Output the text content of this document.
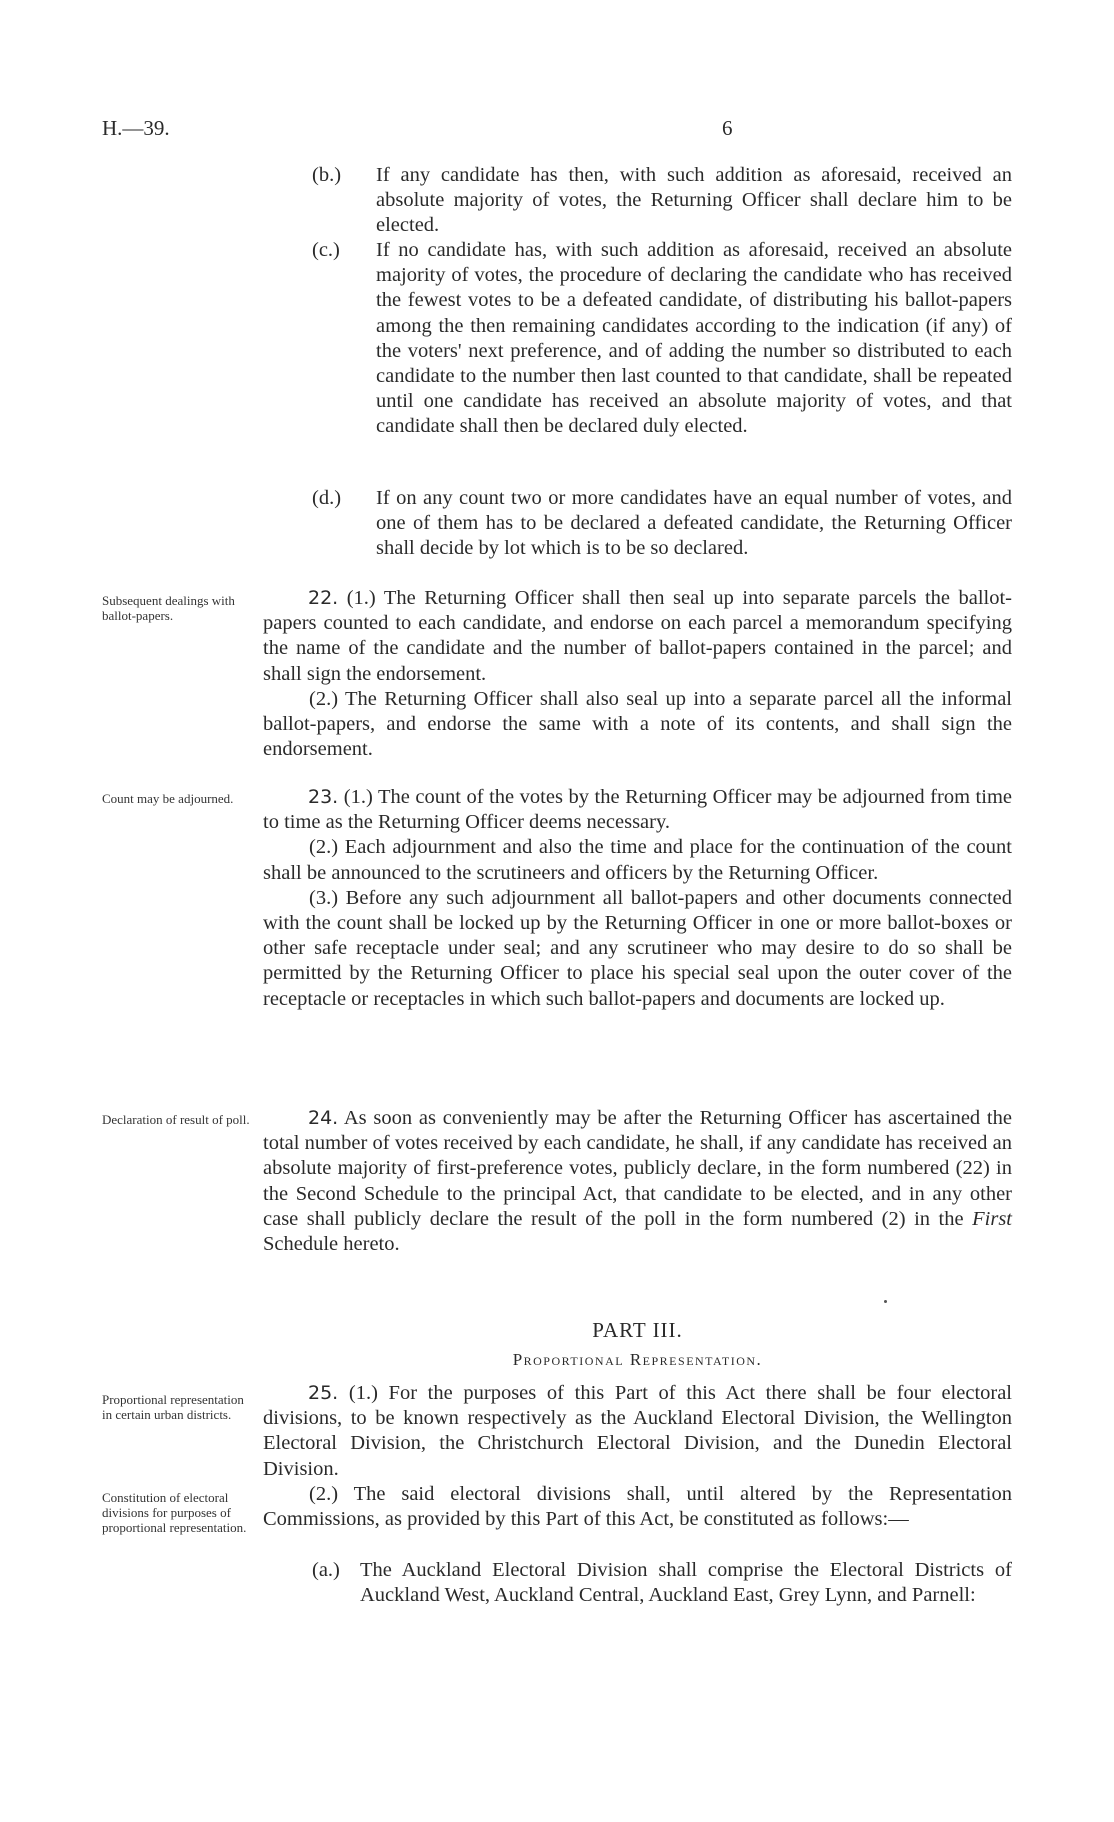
H.—39.	6
(b.) If any candidate has then, with such addition as aforesaid, received an absolute majority of votes, the Returning Officer shall declare him to be elected.
(c.) If no candidate has, with such addition as aforesaid, received an absolute majority of votes, the procedure of declaring the candidate who has received the fewest votes to be a defeated candidate, of distributing his ballot-papers among the then remaining candidates according to the indication (if any) of the voters' next preference, and of adding the number so distributed to each candidate to the number then last counted to that candidate, shall be repeated until one candidate has received an absolute majority of votes, and that candidate shall then be declared duly elected.
(d.) If on any count two or more candidates have an equal number of votes, and one of them has to be declared a defeated candidate, the Returning Officer shall decide by lot which is to be so declared.
Subsequent dealings with ballot-papers.

22. (1.) The Returning Officer shall then seal up into separate parcels the ballot-papers counted to each candidate, and endorse on each parcel a memorandum specifying the name of the candidate and the number of ballot-papers contained in the parcel; and shall sign the endorsement.

(2.) The Returning Officer shall also seal up into a separate parcel all the informal ballot-papers, and endorse the same with a note of its contents, and shall sign the endorsement.

Count may be adjourned.	23. (1.) The count of the votes by the Returning Officer may be adjourned from time to time as the Returning Officer deems necessary.

(2.) Each adjournment and also the time and place for the continuation of the count shall be announced to the scrutineers and officers by the Returning Officer.

(3.) Before any such adjournment all ballot-papers and other documents connected with the count shall be locked up by the Returning Officer in one or more ballot-boxes or other safe receptacle under seal; and any scrutineer who may desire to do so shall be permitted by the Returning Officer to place his special seal upon the outer cover of the receptacle or receptacles in which such ballot-papers and documents are locked up.

Declaration of result of poll.	24. As soon as conveniently may be after the Returning Officer has ascertained the total number of votes received by each candidate, he shall, if any candidate has received an absolute majority of first-preference votes, publicly declare, in the form numbered (22) in the Second Schedule to the principal Act, that candidate to be elected, and in any other case shall publicly declare the result of the poll in the form numbered (2) in the First Schedule hereto.

PART III.
Proportional Representation.
Proportional representation in certain urban districts.
Constitution of electoral divisions for purposes of proportional representation.

25. (1.) For the purposes of this Part of this Act there shall be four electoral divisions, to be known respectively as the Auckland Electoral Division, the Wellington Electoral Division, the Christchurch Electoral Division, and the Dunedin Electoral Division.

(2.) The said electoral divisions shall, until altered by the Representation Commissions, as provided by this Part of this Act, be constituted as follows:—

(a.) The Auckland Electoral Division shall comprise the Electoral Districts of Auckland West, Auckland Central, Auckland East, Grey Lynn, and Parnell:
